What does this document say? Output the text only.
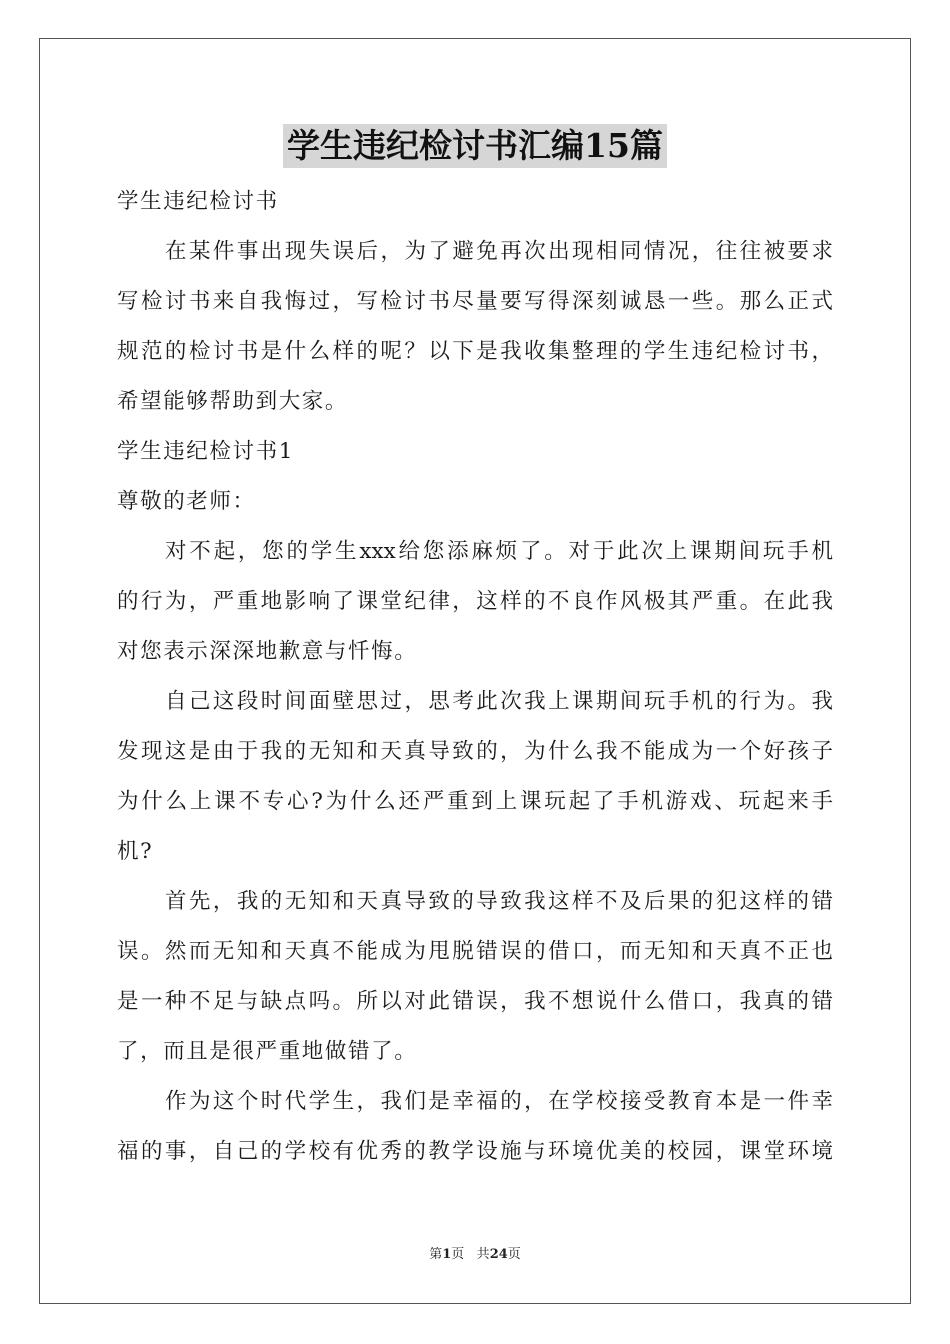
学生违纪检讨书汇编15篇
学生违纪检讨书
在某件事出现失误后，为了避免再次出现相同情况，往往被要求
写检讨书来自我悔过，写检讨书尽量要写得深刻诚恳一些。那么正式
规范的检讨书是什么样的呢？以下是我收集整理的学生违纪检讨书，
希望能够帮助到大家。
学生违纪检讨书1
尊敬的老师：
对不起，您的学生xxx给您添麻烦了。对于此次上课期间玩手机
的行为，严重地影响了课堂纪律，这样的不良作风极其严重。在此我
对您表示深深地歉意与忏悔。
自己这段时间面壁思过，思考此次我上课期间玩手机的行为。我
发现这是由于我的无知和天真导致的，为什么我不能成为一个好孩子
为什么上课不专心?为什么还严重到上课玩起了手机游戏、玩起来手
机?
首先，我的无知和天真导致的导致我这样不及后果的犯这样的错
误。然而无知和天真不能成为甩脱错误的借口，而无知和天真不正也
是一种不足与缺点吗。所以对此错误，我不想说什么借口，我真的错
了，而且是很严重地做错了。
作为这个时代学生，我们是幸福的，在学校接受教育本是一件幸
福的事，自己的学校有优秀的教学设施与环境优美的校园，课堂环境
第1页 共24页
